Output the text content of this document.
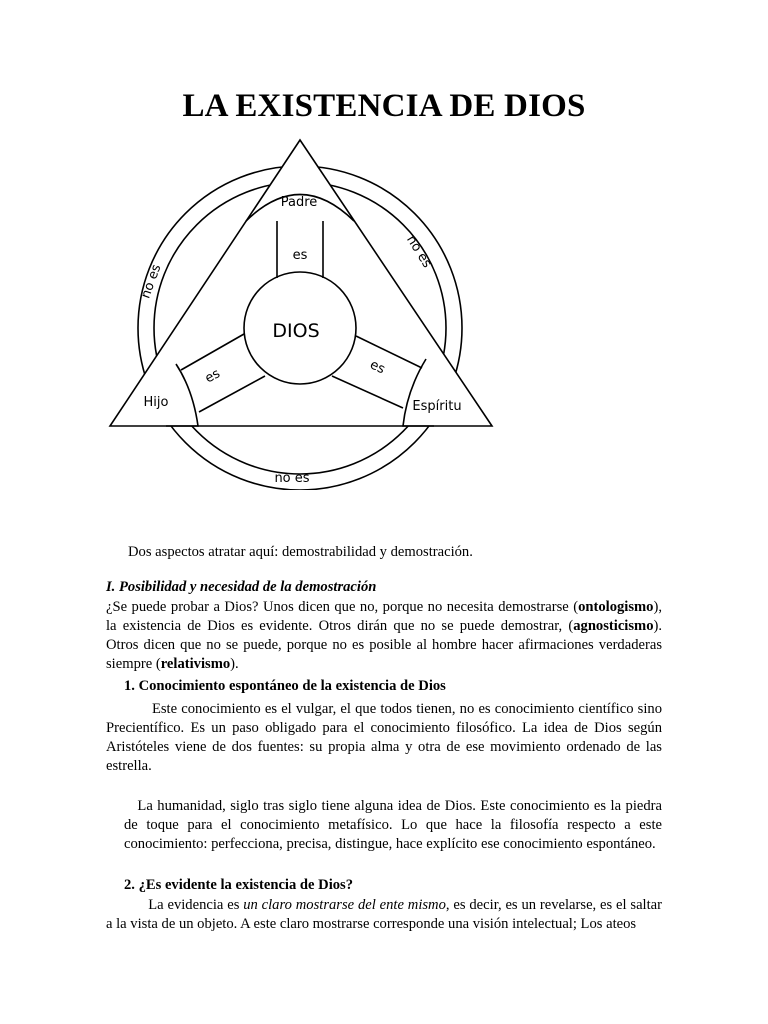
LA EXISTENCIA DE DIOS
Padre
Hijo	Espíritu
es
es	es
no es
no es
no es
DIOS

Dos aspectos atratar aquí: demostrabilidad y demostración.

I. Posibilidad y necesidad de la demostración

¿Se puede probar a Dios? Unos dicen que no, porque no necesita demostrarse (ontologismo), la existencia de Dios es evidente. Otros dirán que no se puede demostrar, (agnosticismo). Otros dicen que no se puede, porque no es posible al hombre hacer afirmaciones verdaderas siempre (relativismo).

1. Conocimiento espontáneo de la existencia de Dios

Este conocimiento es el vulgar, el que todos tienen, no es conocimiento científico sino Precientífico. Es un paso obligado para el conocimiento filosófico. La idea de Dios según Aristóteles viene de dos fuentes: su propia alma y otra de ese movimiento ordenado de las estrella.

La humanidad, siglo tras siglo tiene alguna idea de Dios. Este conocimiento es la piedra de toque para el conocimiento metafísico. Lo que hace la filosofía respecto a este conocimiento: perfecciona, precisa, distingue, hace explícito ese conocimiento espontáneo.

2. ¿Es evidente la existencia de Dios?

La evidencia es un claro mostrarse del ente mismo, es decir, es un revelarse, es el saltar a la vista de un objeto. A este claro mostrarse corresponde una visión intelectual; Los ateos
